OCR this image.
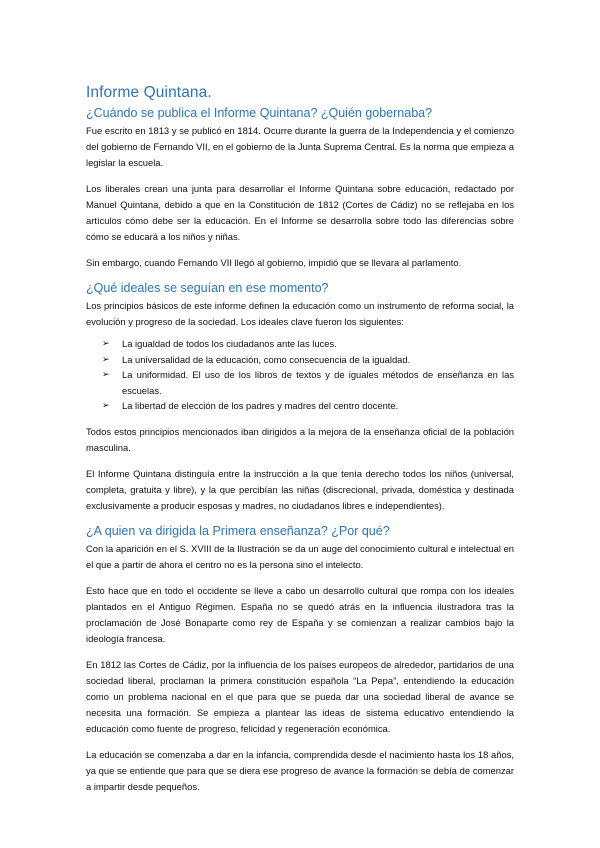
Informe Quintana.
¿Cuándo se publica el Informe Quintana? ¿Quién gobernaba?

Fue escrito en 1813 y se publicó en 1814. Ocurre durante la guerra de la Independencia y el comienzo del gobierno de Fernando VII, en el gobierno de la Junta Suprema Central. Es la norma que empieza a legislar la escuela.

Los liberales crean una junta para desarrollar el Informe Quintana sobre educación, redactado por Manuel Quintana, debido a que en la Constitución de 1812 (Cortes de Cádiz) no se reflejaba en los artículos cómo debe ser la educación. En el Informe se desarrolla sobre todo las diferencias sobre cómo se educará a los niños y niñas.

Sin embargo, cuando Fernando VII llegó al gobierno, impidió que se llevara al parlamento.

¿Qué ideales se seguían en ese momento?

Los principios básicos de este informe definen la educación como un instrumento de reforma social, la evolución y progreso de la sociedad. Los ideales clave fueron los siguientes:

➢ La igualdad de todos los ciudadanos ante las luces.
➢ La universalidad de la educación, como consecuencia de la igualdad.
➢ La uniformidad. El uso de los libros de textos y de iguales métodos de enseñanza en las escuelas.
➢ La libertad de elección de los padres y madres del centro docente.

Todos estos principios mencionados iban dirigidos a la mejora de la enseñanza oficial de la población masculina.

El Informe Quintana distinguía entre la instrucción a la que tenía derecho todos los niños (universal, completa, gratuita y libre), y la que percibían las niñas (discrecional, privada, doméstica y destinada exclusivamente a producir esposas y madres, no ciudadanos libres e independientes).

¿A quien va dirigida la Primera enseñanza? ¿Por qué?

Con la aparición en el S. XVIII de la Ilustración se da un auge del conocimiento cultural e intelectual en el que a partir de ahora el centro no es la persona sino el intelecto.

Esto hace que en todo el occidente se lleve a cabo un desarrollo cultural que rompa con los ideales plantados en el Antiguo Régimen. España no se quedó atrás en la influencia ilustradora tras la proclamación de José Bonaparte como rey de España y se comienzan a realizar cambios bajo la ideología francesa.

En 1812 las Cortes de Cádiz, por la influencia de los países europeos de alrededor, partidarios de una sociedad liberal, proclaman la primera constitución española “La Pepa”, entendiendo la educación como un problema nacional en el que para que se pueda dar una sociedad liberal de avance se necesita una formación. Se empieza a plantear las ideas de sistema educativo entendiendo la educación como fuente de progreso, felicidad y regeneración económica.

La educación se comenzaba a dar en la infancia, comprendida desde el nacimiento hasta los 18 años, ya que se entiende que para que se diera ese progreso de avance la formación se debía de comenzar a impartir desde pequeños.
